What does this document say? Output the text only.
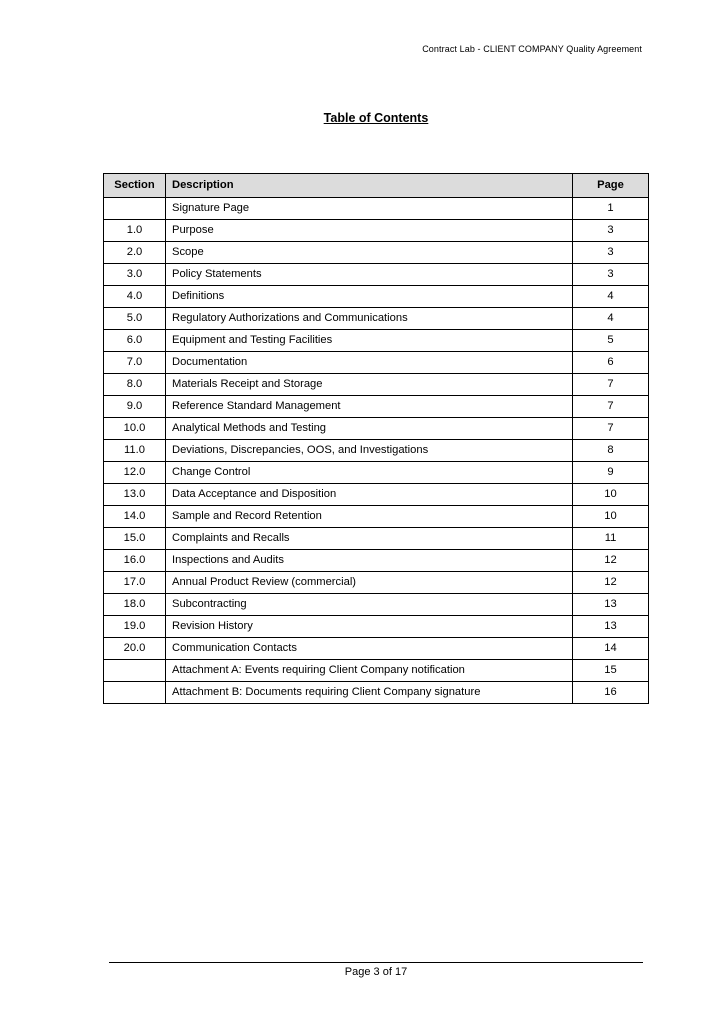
Contract Lab - CLIENT COMPANY Quality Agreement
Table of Contents
Section	Description	Page
	Signature Page	1
1.0	Purpose	3
2.0	Scope	3
3.0	Policy Statements	3
4.0	Definitions	4
5.0	Regulatory Authorizations and Communications	4
6.0	Equipment and Testing Facilities	5
7.0	Documentation	6
8.0	Materials Receipt and Storage	7
9.0	Reference Standard Management	7
10.0	Analytical Methods and Testing	7
11.0	Deviations, Discrepancies, OOS, and Investigations	8
12.0	Change Control	9
13.0	Data Acceptance and Disposition	10
14.0	Sample and Record Retention	10
15.0	Complaints and Recalls	11
16.0	Inspections and Audits	12
17.0	Annual Product Review (commercial)	12
18.0	Subcontracting	13
19.0	Revision History	13
20.0	Communication Contacts	14
	Attachment A: Events requiring Client Company notification	15
	Attachment B: Documents requiring Client Company signature	16
Page 3 of 17
